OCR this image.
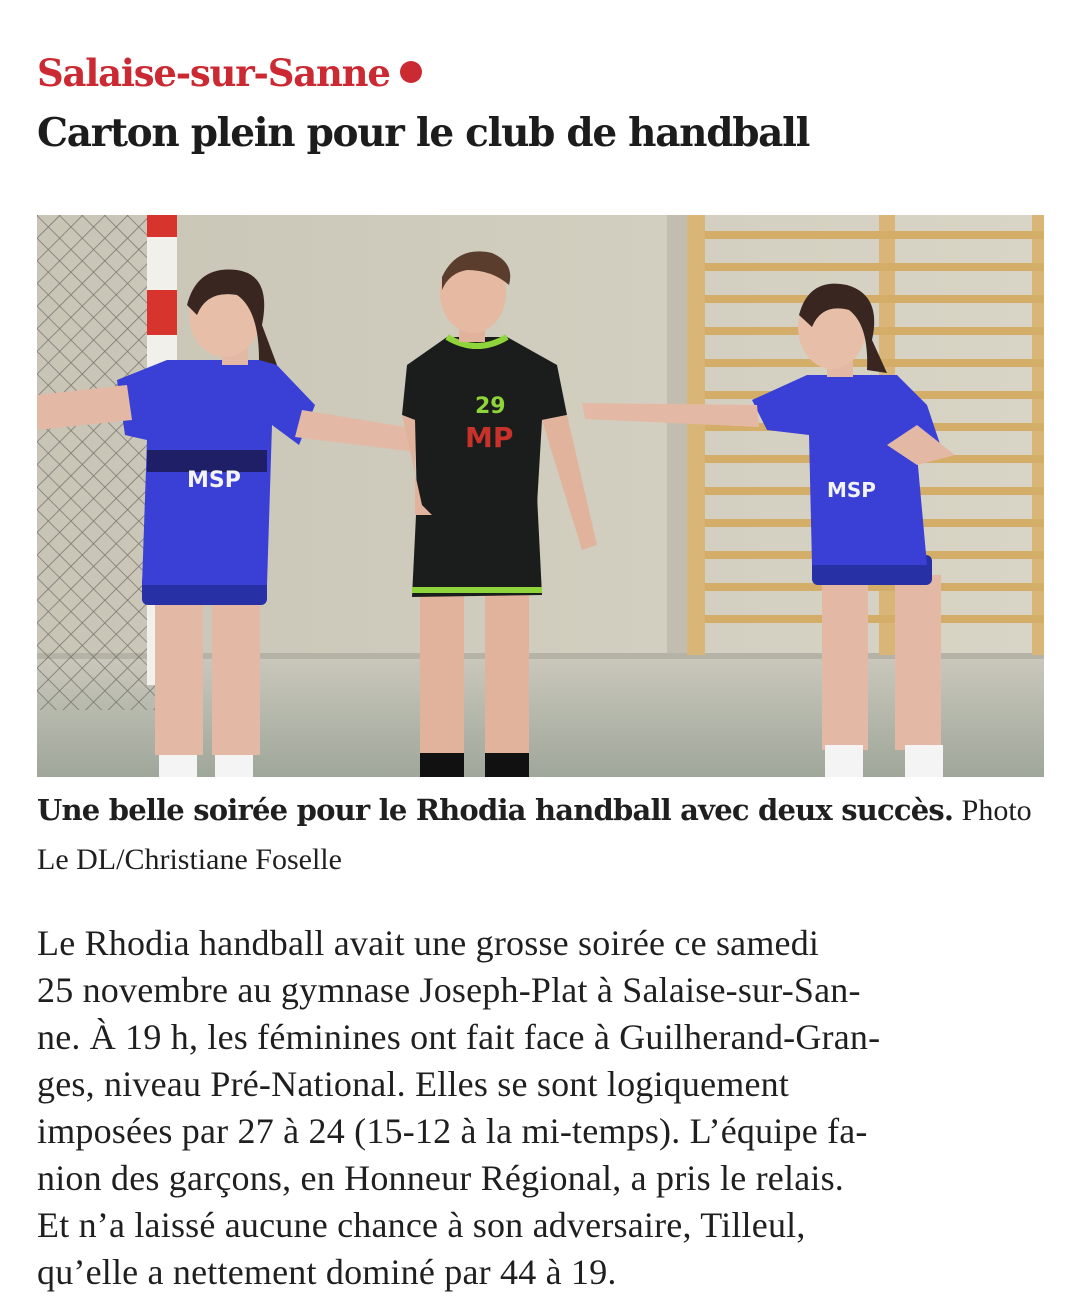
Salaise-sur-Sanne
Carton plein pour le club de handball
MSP
29
MP
MSP
Une belle soirée pour le Rhodia handball avec deux succès. Photo Le DL/Christiane Foselle
Le Rhodia handball avait une grosse soirée ce samedi
25 novembre au gymnase Joseph-Plat à Salaise-sur-San-
ne. À 19 h, les féminines ont fait face à Guilherand-Gran-
ges, niveau Pré-National. Elles se sont logiquement
imposées par 27 à 24 (15-12 à la mi-temps). L’équipe fa-
nion des garçons, en Honneur Régional, a pris le relais.
Et n’a laissé aucune chance à son adversaire, Tilleul,
qu’elle a nettement dominé par 44 à 19.
